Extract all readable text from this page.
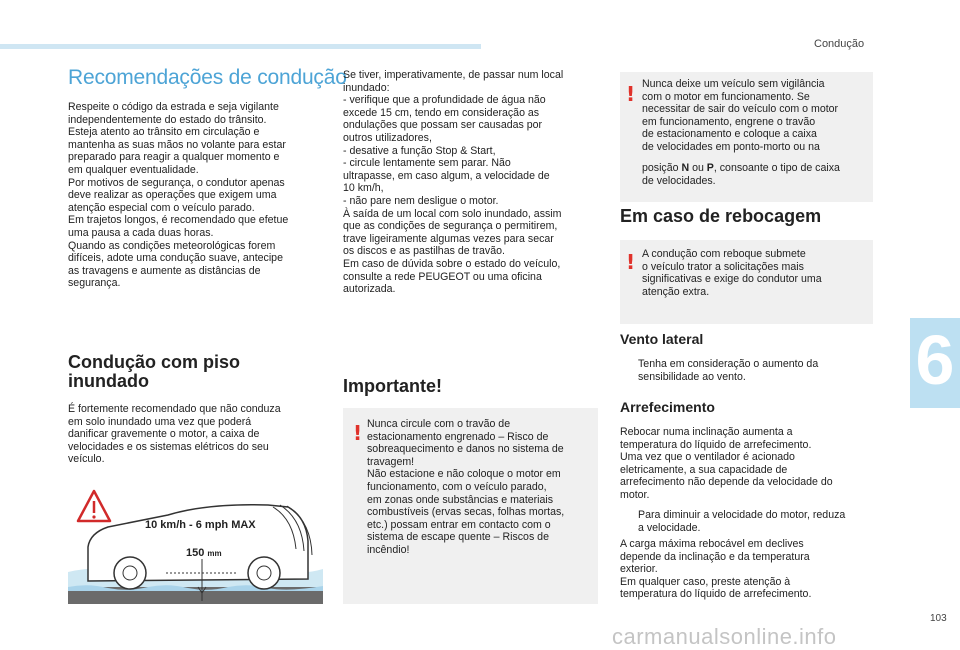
Condução
Recomendações de condução
Respeite o código da estrada e seja vigilante
independentemente do estado do trânsito.
Esteja atento ao trânsito em circulação e
mantenha as suas mãos no volante para estar
preparado para reagir a qualquer momento e
em qualquer eventualidade.
Por motivos de segurança, o condutor apenas
deve realizar as operações que exigem uma
atenção especial com o veículo parado.
Em trajetos longos, é recomendado que efetue
uma pausa a cada duas horas.
Quando as condições meteorológicas forem
difíceis, adote uma condução suave, antecipe
as travagens e aumente as distâncias de
segurança.
Condução com piso
inundado
É fortemente recomendado que não conduza
em solo inundado uma vez que poderá
danificar gravemente o motor, a caixa de
velocidades e os sistemas elétricos do seu
veículo.
10 km/h - 6 mph MAX
150 mm
Se tiver, imperativamente, de passar num local
inundado:
- verifique que a profundidade de água não
excede 15 cm, tendo em consideração as
ondulações que possam ser causadas por
outros utilizadores,
- desative a função Stop & Start,
- circule lentamente sem parar. Não
ultrapasse, em caso algum, a velocidade de
10 km/h,
- não pare nem desligue o motor.
À saída de um local com solo inundado, assim
que as condições de segurança o permitirem,
trave ligeiramente algumas vezes para secar
os discos e as pastilhas de travão.
Em caso de dúvida sobre o estado do veículo,
consulte a rede PEUGEOT ou uma oficina
autorizada.
Importante!
! Nunca circule com o travão de
estacionamento engrenado – Risco de
sobreaquecimento e danos no sistema de
travagem!
Não estacione e não coloque o motor em
funcionamento, com o veículo parado,
em zonas onde substâncias e materiais
combustíveis (ervas secas, folhas mortas,
etc.) possam entrar em contacto com o
sistema de escape quente – Riscos de
incêndio!
! Nunca deixe um veículo sem vigilância
com o motor em funcionamento. Se
necessitar de sair do veículo com o motor
em funcionamento, engrene o travão
de estacionamento e coloque a caixa
de velocidades em ponto-morto ou na
posição N ou P, consoante o tipo de caixa
de velocidades.
Em caso de rebocagem
! A condução com reboque submete
o veículo trator a solicitações mais
significativas e exige do condutor uma
atenção extra.
Vento lateral
Tenha em consideração o aumento da
sensibilidade ao vento.
Arrefecimento
Rebocar numa inclinação aumenta a
temperatura do líquido de arrefecimento.
Uma vez que o ventilador é acionado
eletricamente, a sua capacidade de
arrefecimento não depende da velocidade do
motor.
Para diminuir a velocidade do motor, reduza
a velocidade.
A carga máxima rebocável em declives
depende da inclinação e da temperatura
exterior.
Em qualquer caso, preste atenção à
temperatura do líquido de arrefecimento.
6
103
carmanualsonline.info
